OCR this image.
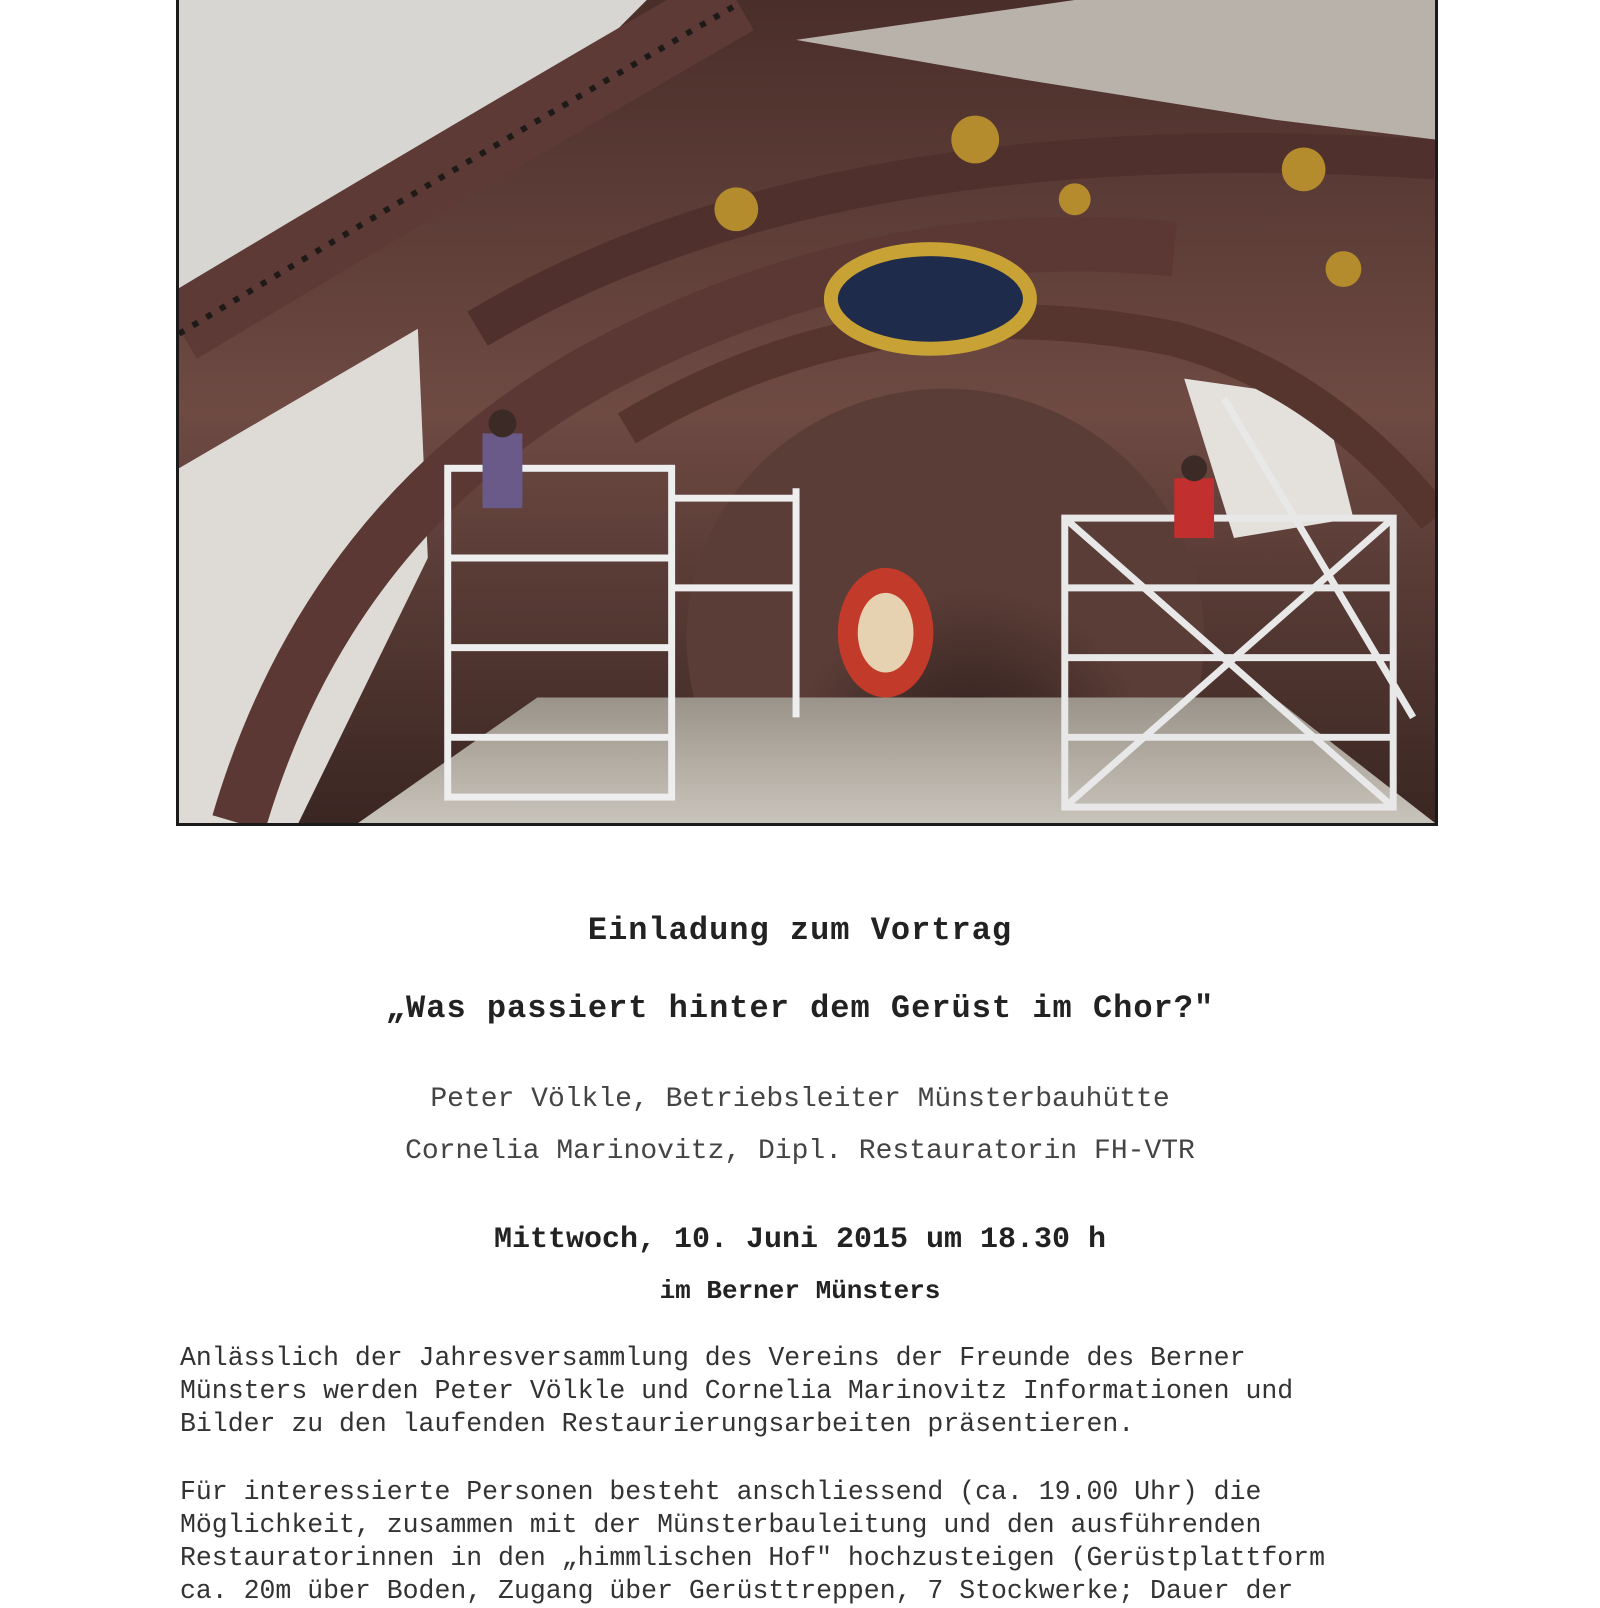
Einladung zum Vortrag
„Was passiert hinter dem Gerüst im Chor?"
Peter Völkle, Betriebsleiter Münsterbauhütte
Cornelia Marinovitz, Dipl. Restauratorin FH-VTR
Mittwoch, 10. Juni 2015 um 18.30 h
im Berner Münsters

Anlässlich der Jahresversammlung des Vereins der Freunde des Berner
Münsters werden Peter Völkle und Cornelia Marinovitz Informationen und
Bilder zu den laufenden Restaurierungsarbeiten präsentieren.

Für interessierte Personen besteht anschliessend (ca. 19.00 Uhr) die
Möglichkeit, zusammen mit der Münsterbauleitung und den ausführenden
Restauratorinnen in den „himmlischen Hof" hochzusteigen (Gerüstplattform
ca. 20m über Boden, Zugang über Gerüsttreppen, 7 Stockwerke; Dauer der
